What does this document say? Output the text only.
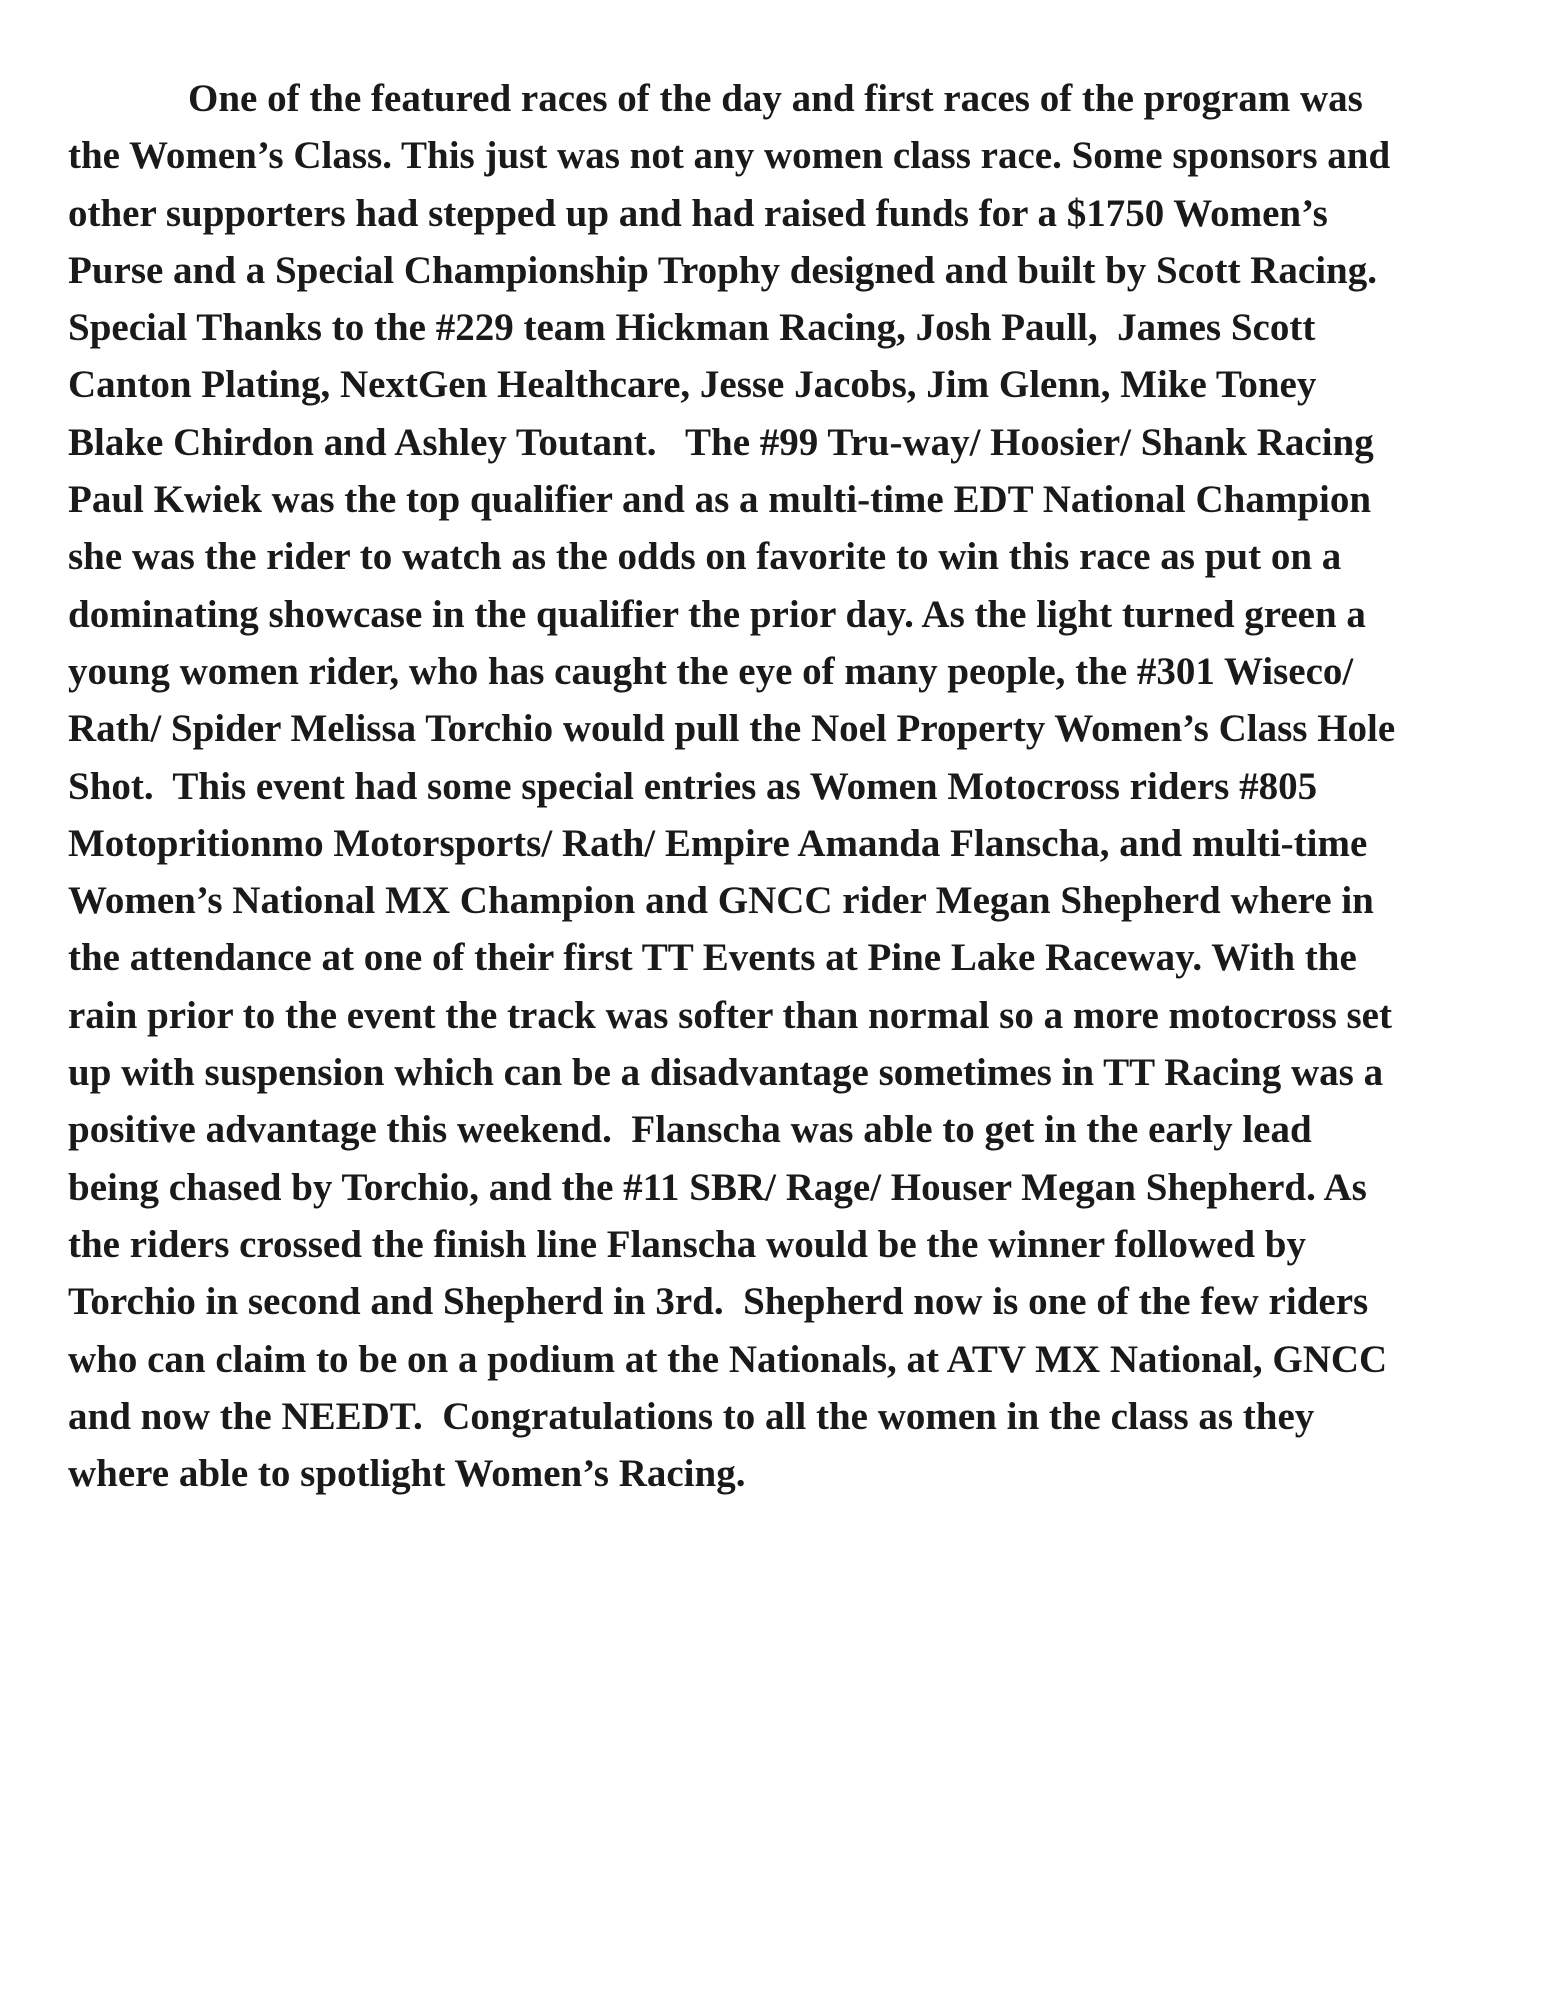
One of the featured races of the day and first races of the program was
the Women’s Class. This just was not any women class race. Some sponsors and
other supporters had stepped up and had raised funds for a $1750 Women’s
Purse and a Special Championship Trophy designed and built by Scott Racing.
Special Thanks to the #229 team Hickman Racing, Josh Paull,  James Scott
Canton Plating, NextGen Healthcare, Jesse Jacobs, Jim Glenn, Mike Toney
Blake Chirdon and Ashley Toutant.   The #99 Tru-way/ Hoosier/ Shank Racing
Paul Kwiek was the top qualifier and as a multi-time EDT National Champion
she was the rider to watch as the odds on favorite to win this race as put on a
dominating showcase in the qualifier the prior day. As the light turned green a
young women rider, who has caught the eye of many people, the #301 Wiseco/
Rath/ Spider Melissa Torchio would pull the Noel Property Women’s Class Hole
Shot.  This event had some special entries as Women Motocross riders #805
Motopritionmo Motorsports/ Rath/ Empire Amanda Flanscha, and multi-time
Women’s National MX Champion and GNCC rider Megan Shepherd where in
the attendance at one of their first TT Events at Pine Lake Raceway. With the
rain prior to the event the track was softer than normal so a more motocross set
up with suspension which can be a disadvantage sometimes in TT Racing was a
positive advantage this weekend.  Flanscha was able to get in the early lead
being chased by Torchio, and the #11 SBR/ Rage/ Houser Megan Shepherd. As
the riders crossed the finish line Flanscha would be the winner followed by
Torchio in second and Shepherd in 3rd.  Shepherd now is one of the few riders
who can claim to be on a podium at the Nationals, at ATV MX National, GNCC
and now the NEEDT.  Congratulations to all the women in the class as they
where able to spotlight Women’s Racing.
